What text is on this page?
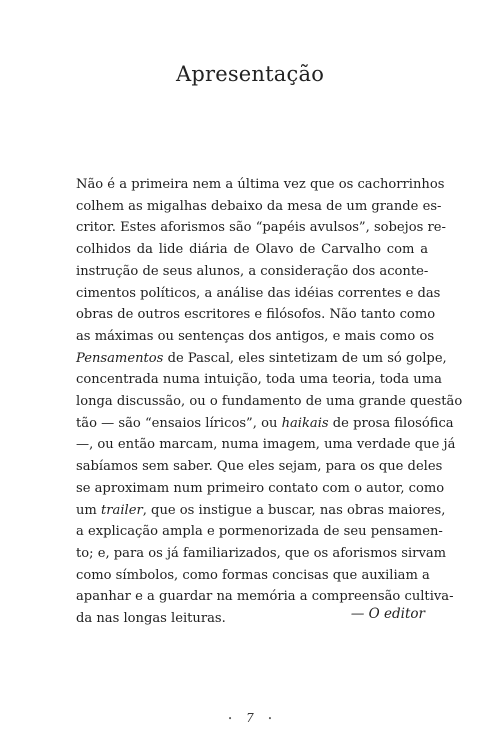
Apresentação
Não é a primeira nem a última vez que os cachorrinhos
colhem as migalhas debaixo da mesa de um grande es-
critor. Estes aforismos são “papéis avulsos”, sobejos re-
colhidos da lide diária de Olavo de Carvalho com a
instrução de seus alunos, a consideração dos aconte-
cimentos políticos, a análise das idéias correntes e das
obras de outros escritores e filósofos. Não tanto como
as máximas ou sentenças dos antigos, e mais como os
Pensamentos de Pascal, eles sintetizam de um só golpe,
concentrada numa intuição, toda uma teoria, toda uma
longa discussão, ou o fundamento de uma grande questão
tão — são “ensaios líricos”, ou haikais de prosa filosófica
—, ou então marcam, numa imagem, uma verdade que já
sabíamos sem saber. Que eles sejam, para os que deles
se aproximam num primeiro contato com o autor, como
um trailer, que os instigue a buscar, nas obras maiores,
a explicação ampla e pormenorizada de seu pensamen-
to; e, para os já familiarizados, que os aforismos sirvam
como símbolos, como formas concisas que auxiliam a
apanhar e a guardar na memória a compreensão cultiva-
da nas longas leituras.	— O editor
• 7 •
